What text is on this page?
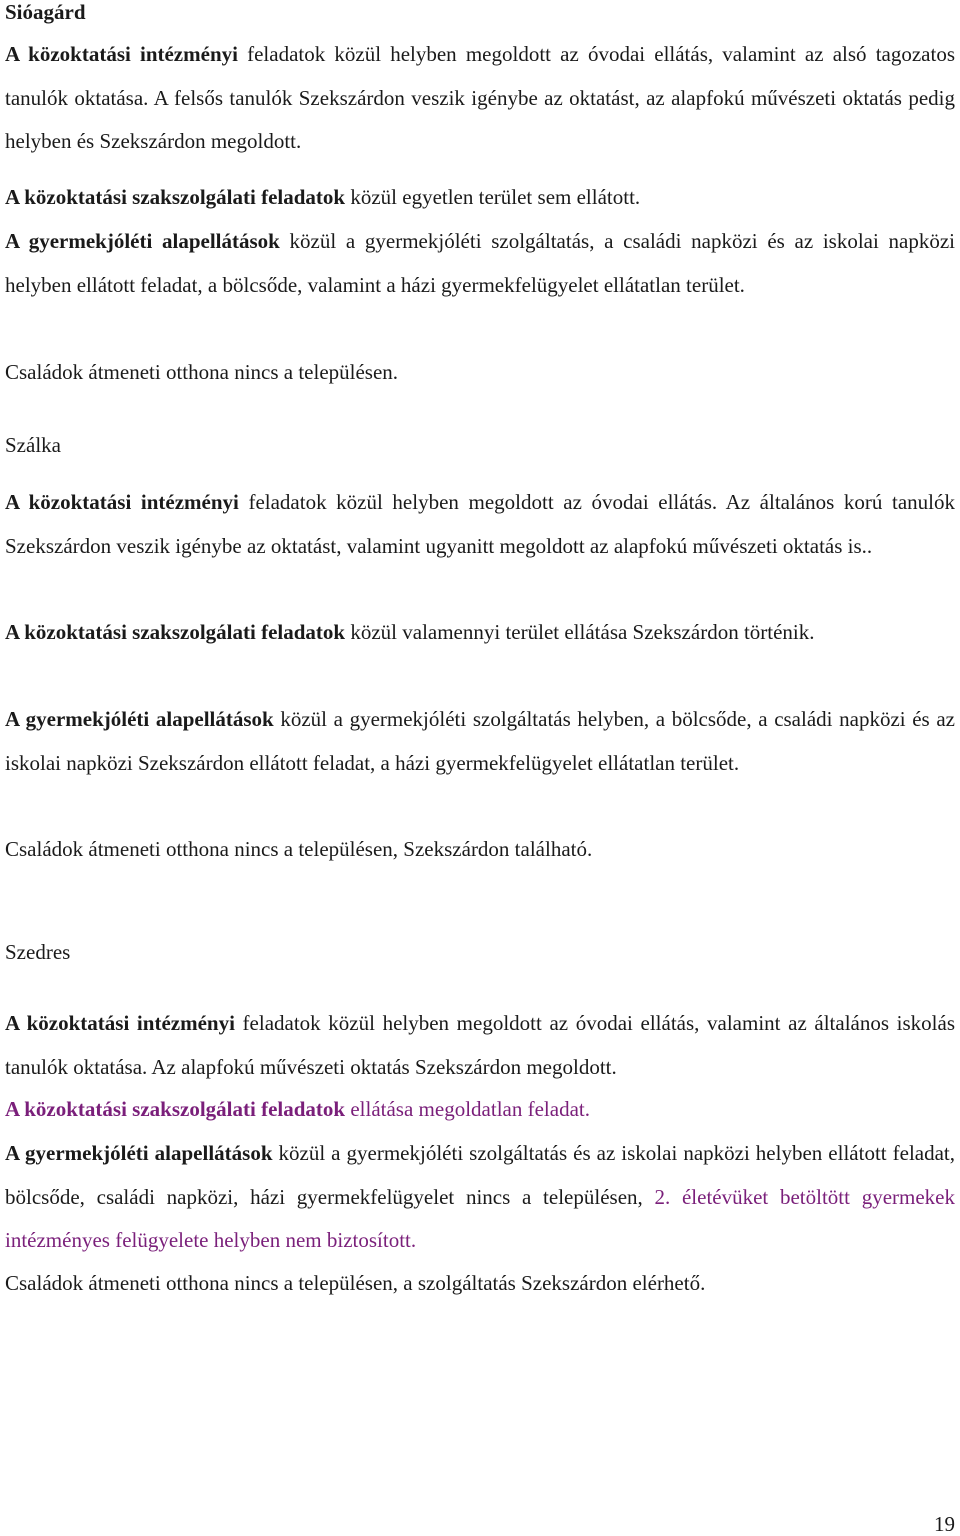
Sióagárd

A közoktatási intézményi feladatok közül helyben megoldott az óvodai ellátás, valamint az alsó tagozatos tanulók oktatása. A felsős tanulók Szekszárdon veszik igénybe az oktatást, az alapfokú művészeti oktatás pedig helyben és Szekszárdon megoldott.

A közoktatási szakszolgálati feladatok közül egyetlen terület sem ellátott.

A gyermekjóléti alapellátások közül a gyermekjóléti szolgáltatás, a családi napközi és az iskolai napközi helyben ellátott feladat, a bölcsőde, valamint a házi gyermekfelügyelet ellátatlan terület.

Családok átmeneti otthona nincs a településen.

Szálka

A közoktatási intézményi feladatok közül helyben megoldott az óvodai ellátás. Az általános korú tanulók Szekszárdon veszik igénybe az oktatást, valamint ugyanitt megoldott az alapfokú művészeti oktatás is..

A közoktatási szakszolgálati feladatok közül valamennyi terület ellátása Szekszárdon történik.

A gyermekjóléti alapellátások közül a gyermekjóléti szolgáltatás helyben, a bölcsőde, a családi napközi és az iskolai napközi Szekszárdon ellátott feladat, a házi gyermekfelügyelet ellátatlan terület.

Családok átmeneti otthona nincs a településen, Szekszárdon található.

Szedres

A közoktatási intézményi feladatok közül helyben megoldott az óvodai ellátás, valamint az általános iskolás tanulók oktatása. Az alapfokú művészeti oktatás Szekszárdon megoldott.

A közoktatási szakszolgálati feladatok ellátása megoldatlan feladat.

A gyermekjóléti alapellátások közül a gyermekjóléti szolgáltatás és az iskolai napközi helyben ellátott feladat, bölcsőde, családi napközi, házi gyermekfelügyelet nincs a településen, 2. életévüket betöltött gyermekek intézményes felügyelete helyben nem biztosított.

Családok átmeneti otthona nincs a településen, a szolgáltatás Szekszárdon elérhető.

19
